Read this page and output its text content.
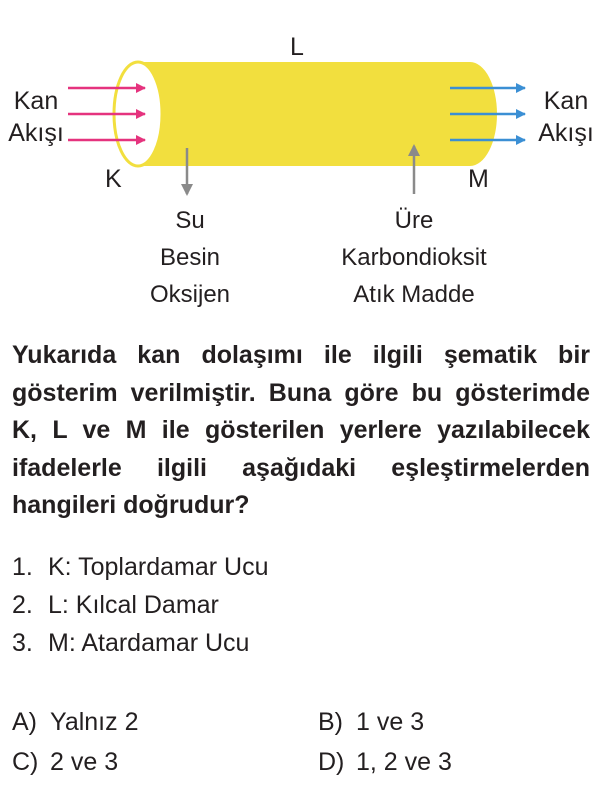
L
K	M
Kan
Akışı
Kan
Akışı
Su
Besin
Oksijen
Üre
Karbondioksit
Atık Madde

Yukarıda kan dolaşımı ile ilgili şematik bir gösterim verilmiştir. Buna göre bu gösterimde K, L ve M ile gösterilen yerlere yazılabilecek ifadelerle ilgili aşağıdaki eşleştirmelerden hangileri doğrudur?

1. K: Toplardamar Ucu
2. L: Kılcal Damar
3. M: Atardamar Ucu
A) Yalnız 2	B) 1 ve 3
C) 2 ve 3	D) 1, 2 ve 3
